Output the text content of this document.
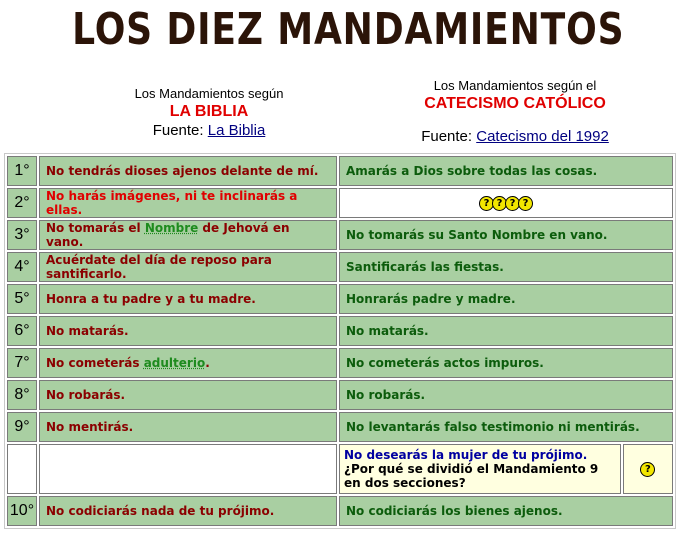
LOS DIEZ MANDAMIENTOS
Los Mandamientos según
LA BIBLIA
Fuente: La Biblia
Los Mandamientos según el
CATECISMO CATÓLICO
Fuente: Catecismo del 1992
1°	No tendrás dioses ajenos delante de mí.	Amarás a Dios sobre todas las cosas.	
2°	No harás imágenes, ni te inclinarás a ellas.	? ? ? ?	
3°	No tomarás el Nombre de Jehová en vano.	No tomarás su Santo Nombre en vano.	
4°	Acuérdate del día de reposo para santificarlo.	Santificarás las fiestas.	
5°	Honra a tu padre y a tu madre.	Honrarás padre y madre.	
6°	No matarás.	No matarás.	
7°	No cometerás adulterio.	No cometerás actos impuros.	
8°	No robarás.	No robarás.	
9°	No mentirás.	No levantarás falso testimonio ni mentirás.	
		No desearás la mujer de tu prójimo.  ¿Por qué se dividió el Mandamiento 9 en dos secciones?	?
10°	No codiciarás nada de tu prójimo.	No codiciarás los bienes ajenos.	
